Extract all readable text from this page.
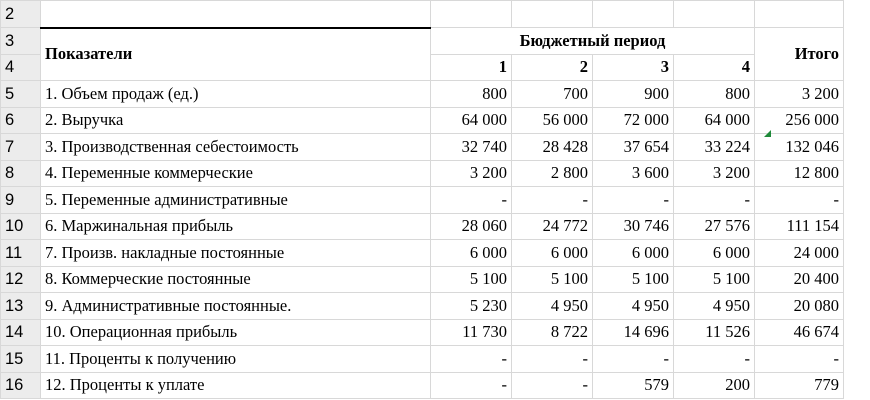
2						
3	Показатели	Бюджетный период				Итого
4		1	2	3	4	
5	1. Объем продаж (ед.)	800	700	900	800	3 200
6	2. Выручка	64 000	56 000	72 000	64 000	256 000
7	3. Производственная себестоимость	32 740	28 428	37 654	33 224	132 046
8	4. Переменные коммерческие	3 200	2 800	3 600	3 200	12 800
9	5. Переменные административные	-	-	-	-	-
10	6. Маржинальная прибыль	28 060	24 772	30 746	27 576	111 154
11	7. Произв. накладные постоянные	6 000	6 000	6 000	6 000	24 000
12	8. Коммерческие постоянные	5 100	5 100	5 100	5 100	20 400
13	9. Административные постоянные.	5 230	4 950	4 950	4 950	20 080
14	10. Операционная прибыль	11 730	8 722	14 696	11 526	46 674
15	11. Проценты к получению	-	-	-	-	-
16	12. Проценты к уплате	-	-	579	200	779
